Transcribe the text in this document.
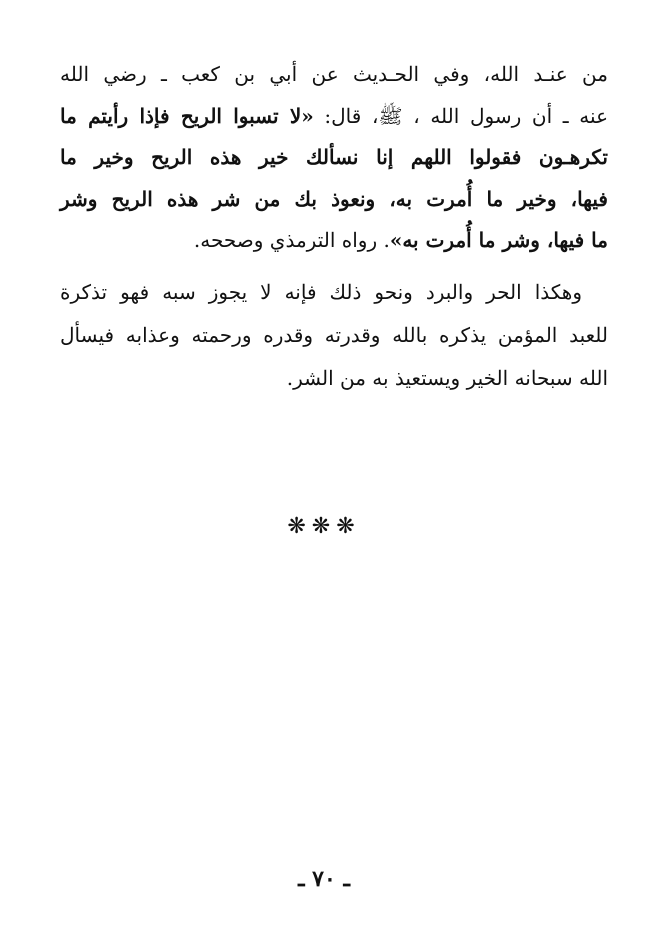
من عنـد الله، وفي الحـديث عن أبي بن كعب ـ رضي الله
عنه ـ أن رسول الله ، ﷺ، قال: «لا تسبوا الريح فإذا رأيتم ما
تكرهـون فقولوا اللهم إنا نسألك خير هذه الريح وخير ما
فيها، وخير ما أُمرت به، ونعوذ بك من شر هذه الريح وشر
ما فيها، وشر ما أُمرت به». رواه الترمذي وصححه.
وهكذا الحر والبرد ونحو ذلك فإنه لا يجوز سبه فهو تذكرة
للعبد المؤمن يذكره بالله وقدرته وقدره ورحمته وعذابه فيسأل
الله سبحانه الخير ويستعيذ به من الشر.
❋❋❋
ـ ٧٠ ـ
